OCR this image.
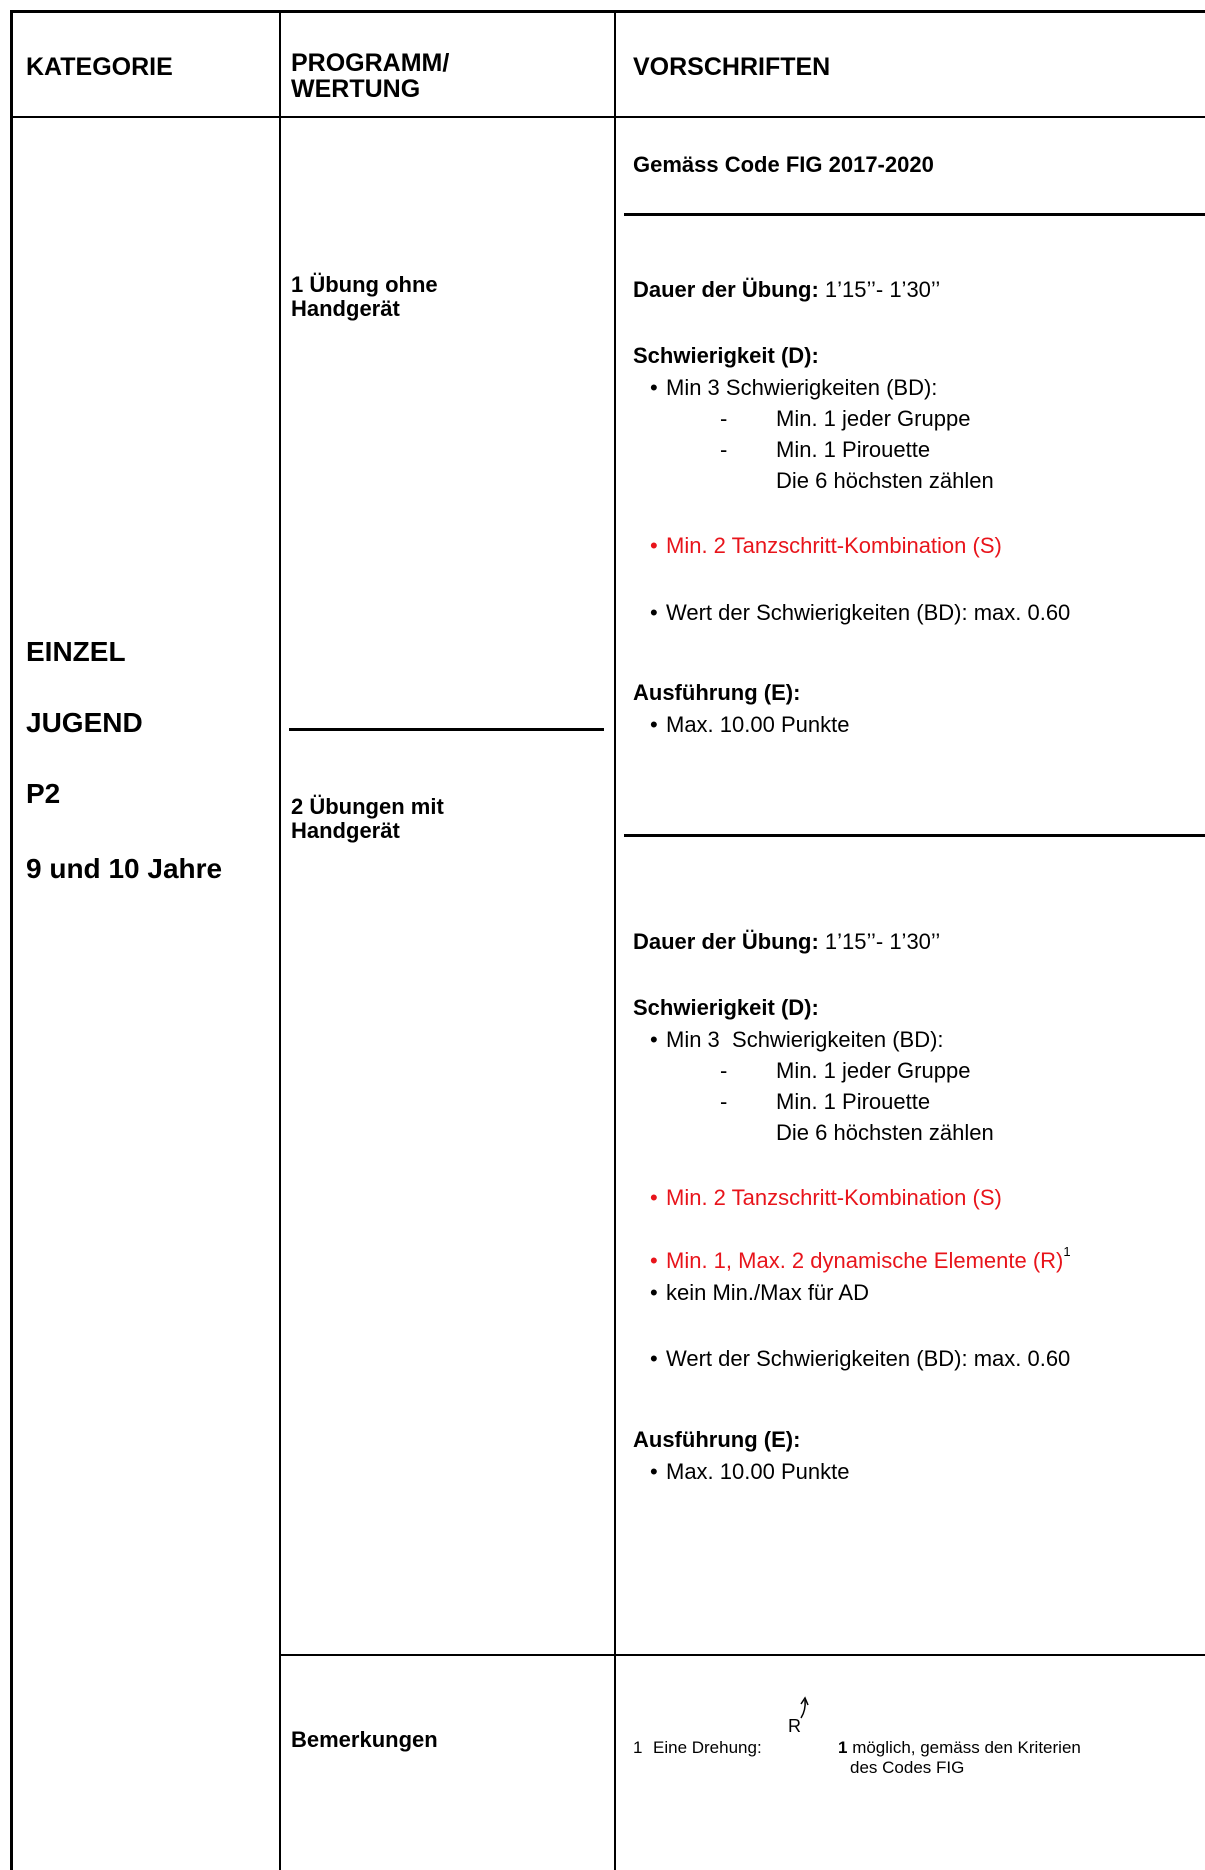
KATEGORIE	PROGRAMM/
WERTUNG
VORSCHRIFTEN
EINZEL
JUGEND
P2
9 und 10 Jahre
1 Übung ohne
Handgerät
2 Übungen mit
Handgerät
Bemerkungen
Gemäss Code FIG 2017-2020
Dauer der Übung: 1’15’’- 1’30’’
Schwierigkeit (D):
• Min 3 Schwierigkeiten (BD):
- Min. 1 jeder Gruppe
- Min. 1 Pirouette
Die 6 höchsten zählen
• Min. 2 Tanzschritt-Kombination (S)
• Wert der Schwierigkeiten (BD): max. 0.60
Ausführung (E):
• Max. 10.00 Punkte
Dauer der Übung: 1’15’’- 1’30’’
Schwierigkeit (D):
• Min 3  Schwierigkeiten (BD):
- Min. 1 jeder Gruppe
- Min. 1 Pirouette
Die 6 höchsten zählen
• Min. 2 Tanzschritt-Kombination (S)
• Min. 1, Max. 2 dynamische Elemente $(R)^1$
• kein Min./Max für AD
• Wert der Schwierigkeiten (BD): max. 0.60
Ausführung (E):
• Max. 10.00 Punkte
1 Eine Drehung:
R
1 möglich, gemäss den Kriterien
des Codes FIG
